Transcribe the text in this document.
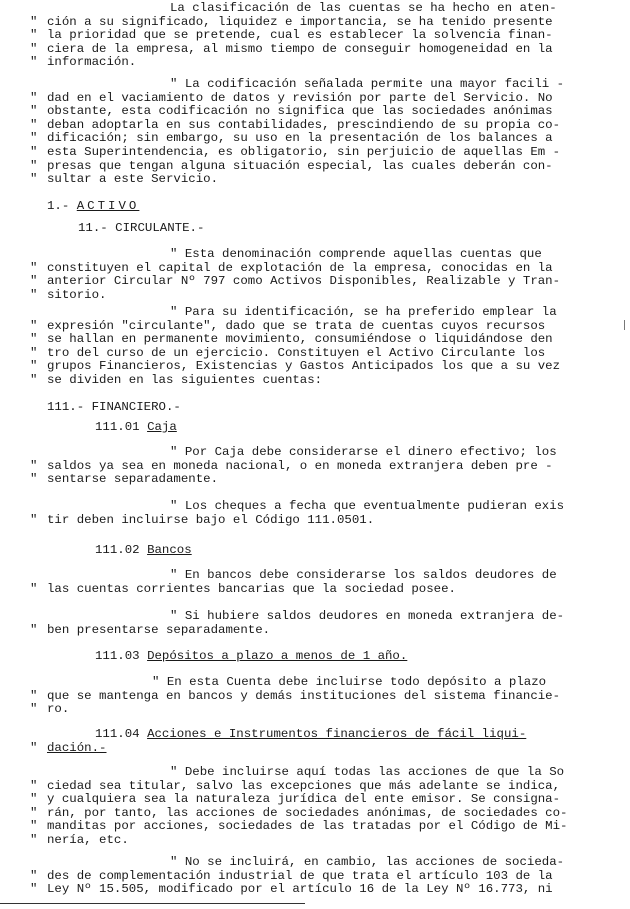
La clasificación de las cuentas se ha hecho en aten-
" ción a su significado, liquidez e importancia, se ha tenido presente
" la prioridad que se pretende, cual es establecer la solvencia finan-
" ciera de la empresa, al mismo tiempo de conseguir homogeneidad en la
" información.
" La codificación señalada permite una mayor facili -
" dad en el vaciamiento de datos y revisión por parte del Servicio. No
" obstante, esta codificación no significa que las sociedades anónimas
" deban adoptarla en sus contabilidades, prescindiendo de su propia co-
" dificación; sin embargo, su uso en la presentación de los balances a
" esta Superintendencia, es obligatorio, sin perjuicio de aquellas Em -
" presas que tengan alguna situación especial, las cuales deberán con-
" sultar a este Servicio.
1.- ACTIVO
11.- CIRCULANTE.-
" Esta denominación comprende aquellas cuentas que
" constituyen el capital de explotación de la empresa, conocidas en la
" anterior Circular Nº 797 como Activos Disponibles, Realizable y Tran-
" sitorio.
" Para su identificación, se ha preferido emplear la
" expresión "circulante", dado que se trata de cuentas cuyos recursos
" se hallan en permanente movimiento, consumiéndose o liquidándose den
" tro del curso de un ejercicio. Constituyen el Activo Circulante los
" grupos Financieros, Existencias y Gastos Anticipados los que a su vez
" se dividen en las siguientes cuentas:
111.- FINANCIERO.-
111.01 Caja
" Por Caja debe considerarse el dinero efectivo; los
" saldos ya sea en moneda nacional, o en moneda extranjera deben pre -
" sentarse separadamente.
" Los cheques a fecha que eventualmente pudieran exis
" tir deben incluirse bajo el Código 111.0501.
111.02 Bancos
" En bancos debe considerarse los saldos deudores de
" las cuentas corrientes bancarias que la sociedad posee.
" Si hubiere saldos deudores en moneda extranjera de-
" ben presentarse separadamente.
111.03 Depósitos a plazo a menos de 1 año.
" En esta Cuenta debe incluirse todo depósito a plazo
" que se mantenga en bancos y demás instituciones del sistema financie-
" ro.
111.04 Acciones e Instrumentos financieros de fácil liqui-
" dación.-
" Debe incluirse aquí todas las acciones de que la So
" ciedad sea titular, salvo las excepciones que más adelante se indica,
" y cualquiera sea la naturaleza jurídica del ente emisor. Se consigna-
" rán, por tanto, las acciones de sociedades anónimas, de sociedades co-
" manditas por acciones, sociedades de las tratadas por el Código de Mi-
" nería, etc.
" No se incluirá, en cambio, las acciones de socieda-
" des de complementación industrial de que trata el artículo 103 de la
" Ley Nº 15.505, modificado por el artículo 16 de la Ley Nº 16.773, ni
